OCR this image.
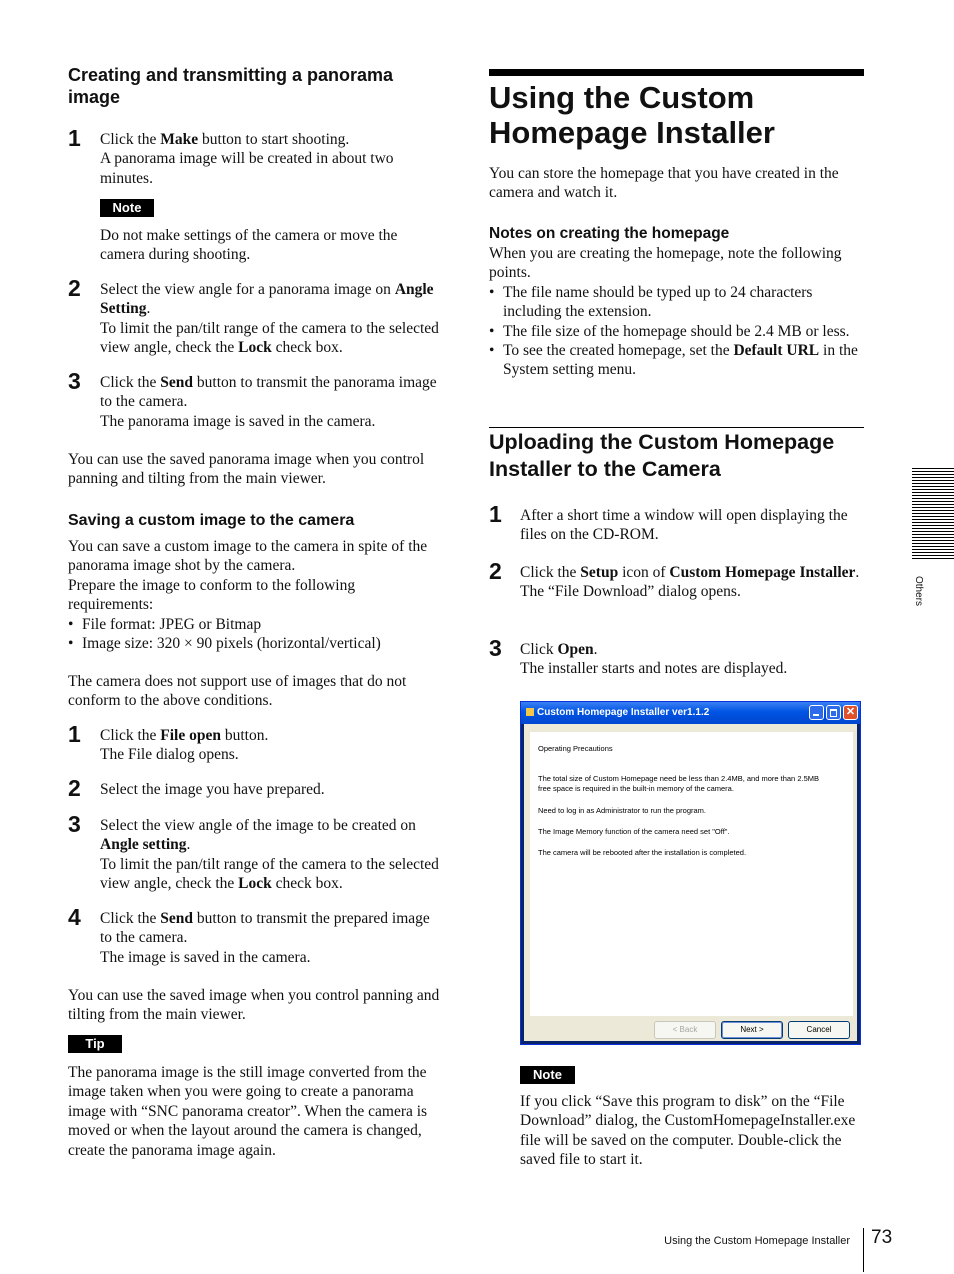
Creating and transmitting a panorama image
1 Click the Make button to start shooting.

A panorama image will be created in about two minutes.

2 Select the view angle for a panorama image on Angle Setting.

To limit the pan/tilt range of the camera to the selected view angle, check the Lock check box.

3 Click the Send button to transmit the panorama image to the camera.

The panorama image is saved in the camera.

Note

Do not make settings of the camera or move the camera during shooting.

You can use the saved panorama image when you control panning and tilting from the main viewer.

Saving a custom image to the camera

You can save a custom image to the camera in spite of the panorama image shot by the camera.

Prepare the image to conform to the following requirements:

• File format: JPEG or Bitmap

• Image size: 320 × 90 pixels (horizontal/vertical)

The camera does not support use of images that do not conform to the above conditions.

1 Click the File open button.

The File dialog opens.

2 Select the image you have prepared.

3 Select the view angle of the image to be created on Angle setting.

To limit the pan/tilt range of the camera to the selected view angle, check the Lock check box.

4 Click the Send button to transmit the prepared image to the camera.

The image is saved in the camera.

You can use the saved image when you control panning and tilting from the main viewer.

Tip

The panorama image is the still image converted from the image taken when you were going to create a panorama image with “SNC panorama creator”. When the camera is moved or when the layout around the camera is changed, create the panorama image again.

Using the Custom Homepage Installer

You can store the homepage that you have created in the camera and watch it.

Notes on creating the homepage

When you are creating the homepage, note the following points.

• The file name should be typed up to 24 characters including the extension.

• The file size of the homepage should be 2.4 MB or less.

• To see the created homepage, set the Default URL in the System setting menu.

Uploading the Custom Homepage Installer to the Camera
1 After a short time a window will open displaying the files on the CD-ROM.

2 Click the Setup icon of Custom Homepage Installer.

The “File Download” dialog opens.

3 Click Open.

The installer starts and notes are displayed.

Custom Homepage Installer ver1.1.2	✕
Operating Precautions
The total size of Custom Homepage need be less than 2.4MB, and more than 2.5MB
free space is required in the built-in memory of the camera.
Need to log in as Administrator to run the program.
The Image Memory function of the camera need set "Off".
The camera will be rebooted after the installation is completed.
< Back	Next >	Cancel
Note

If you click “Save this program to disk” on the “File Download” dialog, the CustomHomepageInstaller.exe file will be saved on the computer. Double-click the saved file to start it.

Others
Using the Custom Homepage Installer 73
